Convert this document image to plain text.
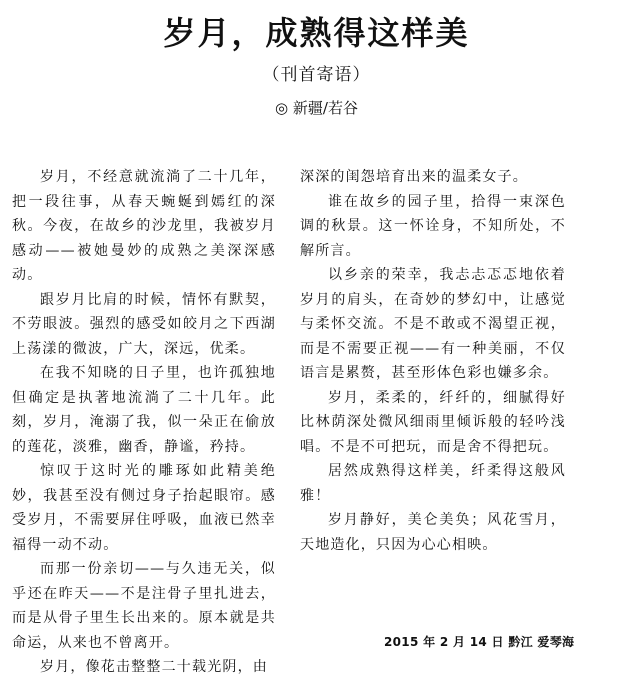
岁月，成熟得这样美
（刊首寄语）
◎ 新疆/若谷

岁月，不经意就流淌了二十几年，把一段往事，从春天蜿蜒到嫣红的深秋。今夜，在故乡的沙龙里，我被岁月感动——被她曼妙的成熟之美深深感动。

跟岁月比肩的时候，情怀有默契，不劳眼波。强烈的感受如皎月之下西湖上荡漾的微波，广大，深远，优柔。

在我不知晓的日子里，也许孤独地但确定是执著地流淌了二十几年。此刻，岁月，淹溺了我，似一朵正在偷放的莲花，淡雅，幽香，静谧，矜持。

惊叹于这时光的雕琢如此精美绝妙，我甚至没有侧过身子抬起眼帘。感受岁月，不需要屏住呼吸，血液已然幸福得一动不动。

而那一份亲切——与久违无关，似乎还在昨天——不是注骨子里扎进去，而是从骨子里生长出来的。原本就是共命运，从来也不曾离开。

岁月，像花击整整二十载光阴，由

深深的闺怨培育出来的温柔女子。

谁在故乡的园子里，拾得一束深色调的秋景。这一怀诠身，不知所处，不解所言。

以乡亲的荣幸，我忐忐忑忑地依着岁月的肩头，在奇妙的梦幻中，让感觉与柔怀交流。不是不敢或不渴望正视，而是不需要正视——有一种美丽，不仅语言是累赘，甚至形体色彩也嫌多余。

岁月，柔柔的，纤纤的，细腻得好比林荫深处微风细雨里倾诉般的轻吟浅唱。不是不可把玩，而是舍不得把玩。

居然成熟得这样美，纤柔得这般风雅！

岁月静好，美仑美奂；风花雪月，天地造化，只因为心心相映。

2015 年 2 月 14 日 黔江 爱琴海
